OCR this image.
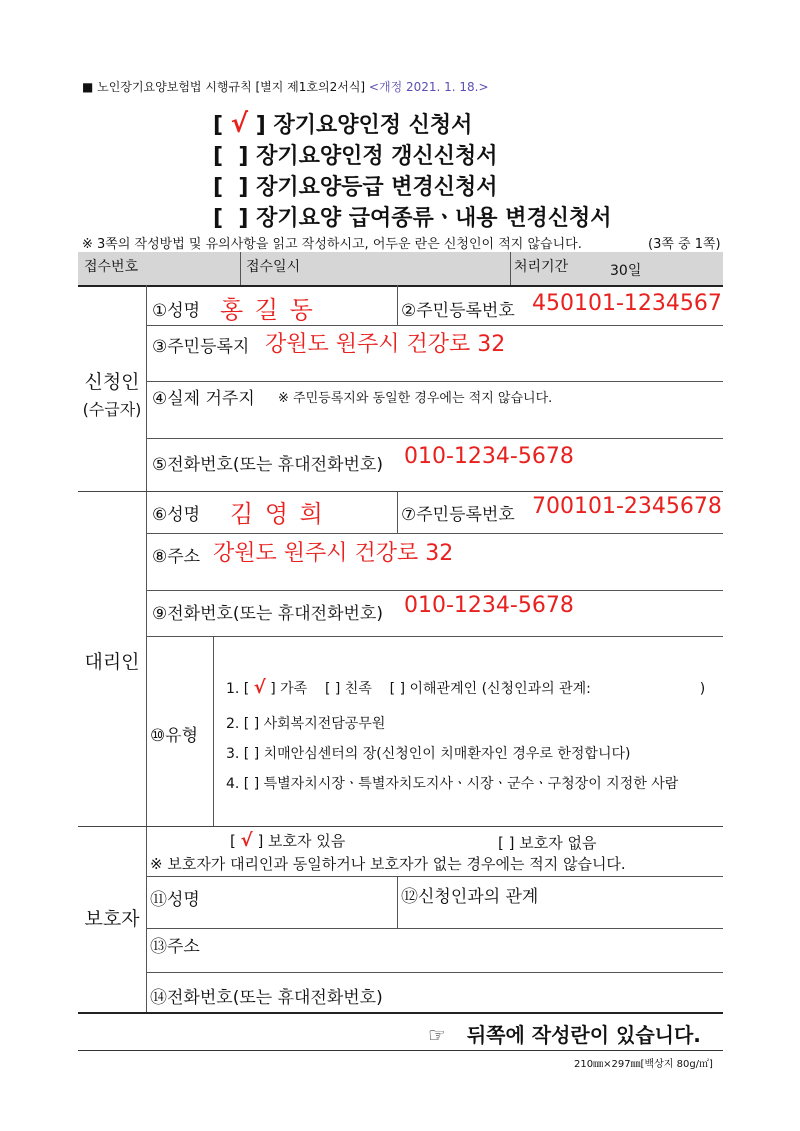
■ 노인장기요양보험법 시행규칙 [별지 제1호의2서식] <개정 2021. 1. 18.>
[ √ ] 장기요양인정 신청서
[ ] 장기요양인정 갱신신청서
[ ] 장기요양등급 변경신청서
[ ] 장기요양 급여종류ㆍ내용 변경신청서
※ 3쪽의 작성방법 및 유의사항을 읽고 작성하시고, 어두운 란은 신청인이 적지 않습니다.	(3쪽 중 1쪽)
접수번호	접수일시	처리기간	30일
신청인
(수급자)
①성명 홍 길 동	②주민등록번호 450101-1234567
③주민등록지 강원도 원주시 건강로 32
④실제 거주지 ※ 주민등록지와 동일한 경우에는 적지 않습니다.
⑤전화번호(또는 휴대전화번호) 010-1234-5678
대리인
⑥성명 김 영 희	⑦주민등록번호 700101-2345678
⑧주소 강원도 원주시 건강로 32
⑨전화번호(또는 휴대전화번호) 010-1234-5678
⑩유형
1. [ √ ] 가족 [ ] 친족 [ ] 이해관계인 (신청인과의 관계:	)
2. [ ] 사회복지전담공무원
3. [ ] 치매안심센터의 장(신청인이 치매환자인 경우로 한정합니다)
4. [ ] 특별자치시장ㆍ특별자치도지사ㆍ시장ㆍ군수ㆍ구청장이 지정한 사람
보호자
[ √ ] 보호자 있음	[ ] 보호자 없음
※ 보호자가 대리인과 동일하거나 보호자가 없는 경우에는 적지 않습니다.
⑪성명	⑫신청인과의 관계
⑬주소
⑭전화번호(또는 휴대전화번호)
☞ 뒤쪽에 작성란이 있습니다.
210㎜×297㎜[백상지 80g/㎡]
